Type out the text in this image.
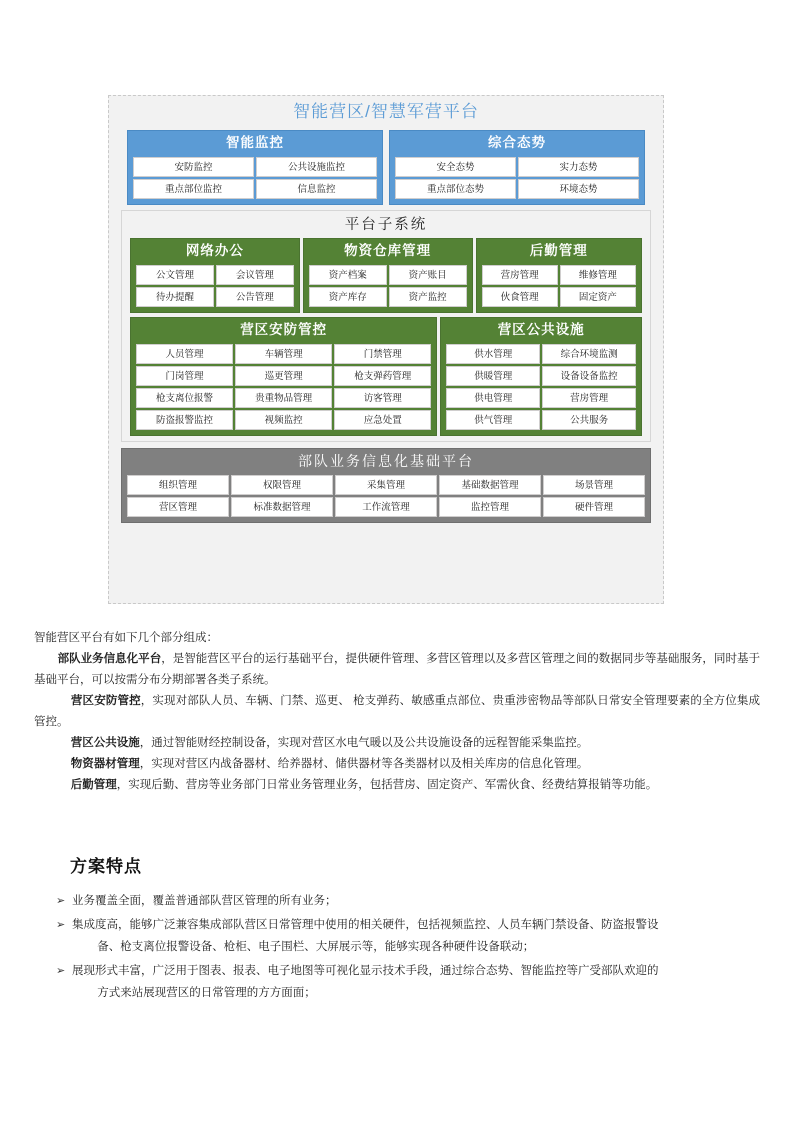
智能营区/智慧军营平台
智能监控
安防监控	公共设施监控
重点部位监控	信息监控
综合态势
安全态势	实力态势
重点部位态势	环境态势
平台子系统
网络办公
公文管理	会议管理
待办提醒	公告管理
物资仓库管理
资产档案	资产账目
资产库存	资产监控
后勤管理
营房管理	维修管理
伙食管理	固定资产
营区安防管控
人员管理	车辆管理	门禁管理
门岗管理	巡更管理	枪支弹药管理
枪支离位报警	贵重物品管理	访客管理
防盗报警监控	视频监控	应急处置
营区公共设施
供水管理	综合环境监测
供暖管理	设备设备监控
供电管理	营房管理
供气管理	公共服务
部队业务信息化基础平台
组织管理	权限管理	采集管理	基础数据管理	场景管理
营区管理	标准数据管理	工作流管理	监控管理	硬件管理

智能营区平台有如下几个部分组成：

部队业务信息化平台，是智能营区平台的运行基础平台，提供硬件管理、多营区管理以及多营区管理之间的数据同步等基础服务，同时基于基础平台，可以按需分布分期部署各类子系统。

营区安防管控，实现对部队人员、车辆、门禁、巡更、 枪支弹药、敏感重点部位、贵重涉密物品等部队日常安全管理要素的全方位集成管控。

营区公共设施，通过智能财经控制设备，实现对营区水电气暖以及公共设施设备的远程智能采集监控。

物资器材管理，实现对营区内战备器材、给养器材、储供器材等各类器材以及相关库房的信息化管理。

后勤管理，实现后勤、营房等业务部门日常业务管理业务，包括营房、固定资产、军需伙食、经费结算报销等功能。

方案特点
➢ 业务覆盖全面，覆盖普通部队营区管理的所有业务；
➢ 集成度高，能够广泛兼容集成部队营区日常管理中使用的相关硬件，包括视频监控、人员车辆门禁设备、防盗报警设
备、枪支离位报警设备、枪柜、电子围栏、大屏展示等，能够实现各种硬件设备联动；
➢ 展现形式丰富，广泛用于图表、报表、电子地图等可视化显示技术手段，通过综合态势、智能监控等广受部队欢迎的
方式来站展现营区的日常管理的方方面面；
